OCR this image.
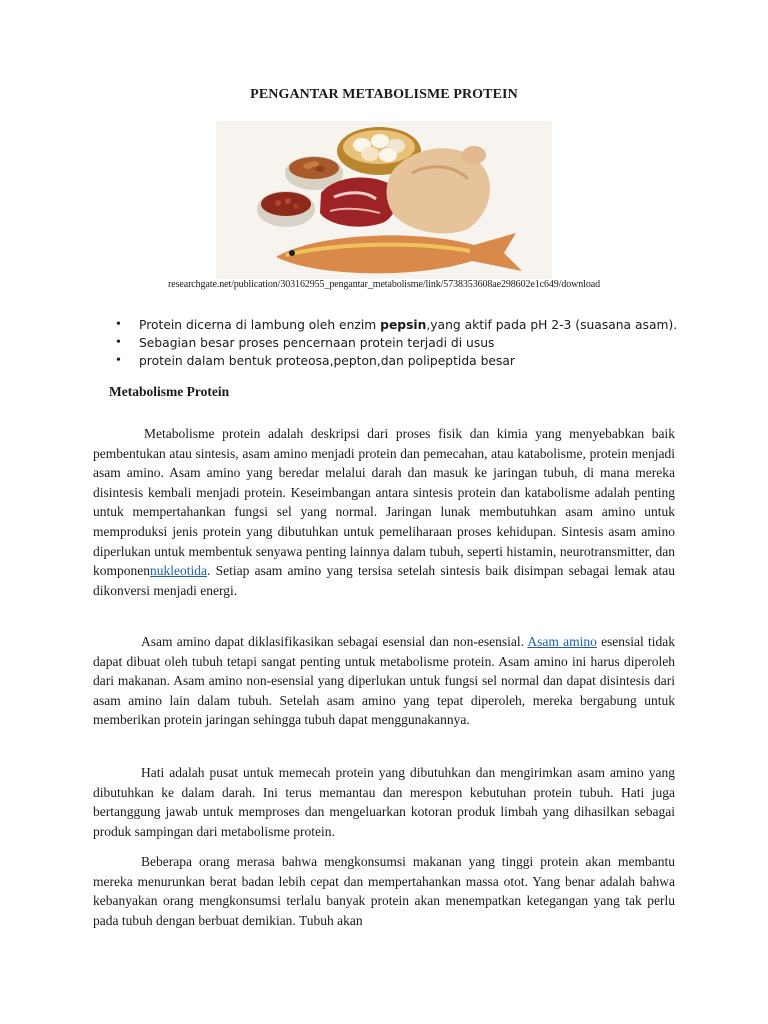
PENGANTAR METABOLISME PROTEIN
researchgate.net/publication/303162955_pengantar_metabolisme/link/5738353608ae298602e1c649/download
• Protein dicerna di lambung oleh enzim pepsin,yang aktif pada pH 2-3 (suasana asam).
• Sebagian besar proses pencernaan protein terjadi di usus
• protein dalam bentuk proteosa,pepton,dan polipeptida besar
Metabolisme Protein

Metabolisme protein adalah deskripsi dari proses fisik dan kimia yang menyebabkan baik pembentukan atau sintesis, asam amino menjadi protein dan pemecahan, atau katabolisme, protein menjadi asam amino. Asam amino yang beredar melalui darah dan masuk ke jaringan tubuh, di mana mereka disintesis kembali menjadi protein. Keseimbangan antara sintesis protein dan katabolisme adalah penting untuk mempertahankan fungsi sel yang normal. Jaringan lunak membutuhkan asam amino untuk memproduksi jenis protein yang dibutuhkan untuk pemeliharaan proses kehidupan. Sintesis asam amino diperlukan untuk membentuk senyawa penting lainnya dalam tubuh, seperti histamin, neurotransmitter, dan komponennukleotida. Setiap asam amino yang tersisa setelah sintesis baik disimpan sebagai lemak atau dikonversi menjadi energi.

Asam amino dapat diklasifikasikan sebagai esensial dan non-esensial. Asam amino esensial tidak dapat dibuat oleh tubuh tetapi sangat penting untuk metabolisme protein. Asam amino ini harus diperoleh dari makanan. Asam amino non-esensial yang diperlukan untuk fungsi sel normal dan dapat disintesis dari asam amino lain dalam tubuh. Setelah asam amino yang tepat diperoleh, mereka bergabung untuk memberikan protein jaringan sehingga tubuh dapat menggunakannya.

Hati adalah pusat untuk memecah protein yang dibutuhkan dan mengirimkan asam amino yang dibutuhkan ke dalam darah. Ini terus memantau dan merespon kebutuhan protein tubuh. Hati juga bertanggung jawab untuk memproses dan mengeluarkan kotoran produk limbah yang dihasilkan sebagai produk sampingan dari metabolisme protein.

Beberapa orang merasa bahwa mengkonsumsi makanan yang tinggi protein akan membantu mereka menurunkan berat badan lebih cepat dan mempertahankan massa otot. Yang benar adalah bahwa kebanyakan orang mengkonsumsi terlalu banyak protein akan menempatkan ketegangan yang tak perlu pada tubuh dengan berbuat demikian. Tubuh akan
